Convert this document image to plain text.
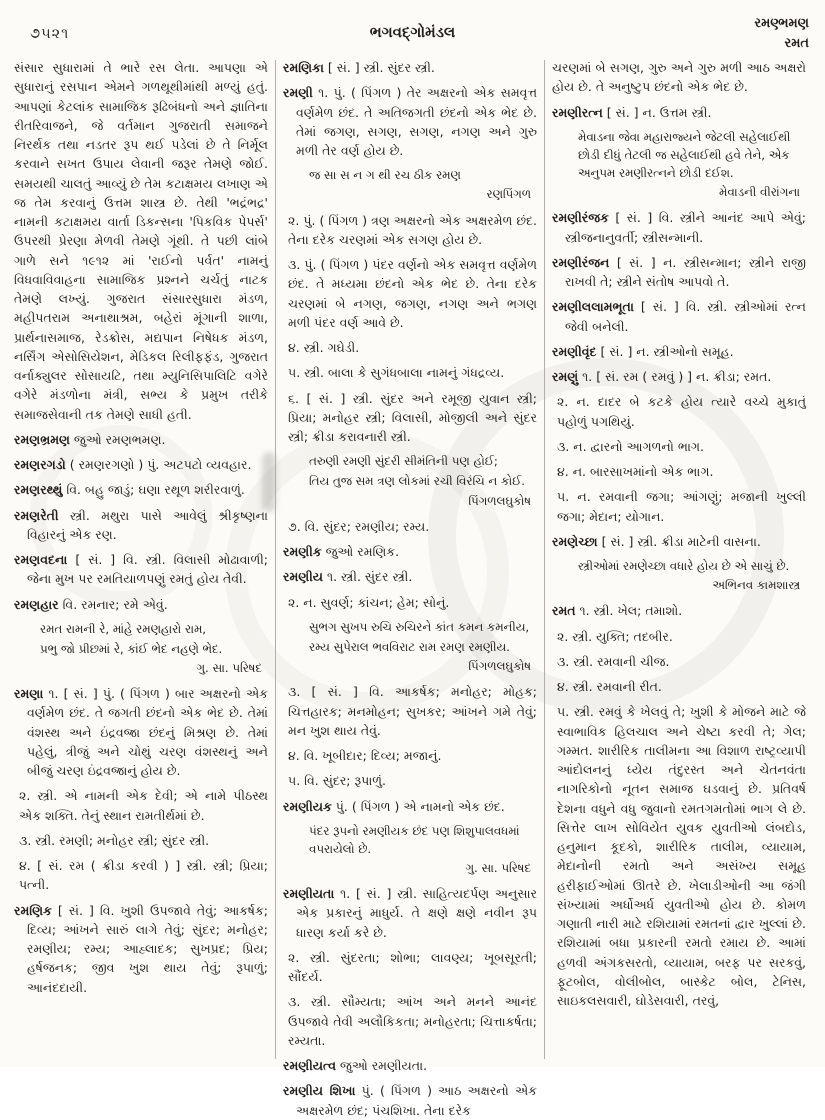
૭૫૨૧	ભગવદ્ગોમંડલ	રમણ્ભમણ
રમત

સંસાર સુધારામાં તે ભારે રસ લેતા. આપણા એ સુધારાનું રસપાન એમને ગળથૂથીમાંથી મળ્યું હતું. આપણાં કેટલાંક સામાજિક રૂઢિબંધનો અને જ્ઞાતિના રીતરિવાજને, જે વર્તમાન ગુજરાતી સમાજને નિરર્થક તથા નડતર રૂપ થઈ પડેલાં છે તે નિર્મૂલ કરવાને સખત ઉપાય લેવાની જરૂર તેમણે જોઈ. સમયથી ચાલતું આવ્યું છે તેમ કટાક્ષમય લખાણ એ જ તેમ કરવાનું ઉત્તમ શાસ્ત્ર છે. તેથી 'ભદ્રંભદ્ર' નામની કટાક્ષમય વાર્તા ડિકન્સના 'પિકવિક પેપર્સ' ઉપરથી પ્રેરણા મેળવી તેમણે ગૂંથી. તે પછી લાંબે ગાળે સને ૧૯૧૨ માં 'રાઈનો પર્વત' નામનું વિધવાવિવાહના સામાજિક પ્રશ્નને ચર્ચતું નાટક તેમણે લખ્યું. ગુજરાત સંસારસુધારા મંડળ, મહીપતરામ અનાથાશ્રમ, બહેરાં મૂંગાની શાળા, પ્રાર્થનાસમાજ, રેડક્રોસ, મદ્યપાન નિષેધક મંડળ, નર્સિંગ એસોસિયેશન, મેડિકલ રિલીફફંડ, ગુજરાત વર્નાક્યુલર સોસાયટિ, તથા મ્યુનિસિપાલિટિ વગેરે વગેરે મંડળોના મંત્રી, સભ્ય કે પ્રમુખ તરીકે સમાજસેવાની તક તેમણે સાધી હતી.

રમણભ્રમણ જુઓ રમણભમણ.

રમણરગડો ( રમણરગણો ) પું. અટપટો વ્યવહાર.

રમણરથ્થું વિ. બહુ જાડું; ઘણા રથૂળ શરીરવાળું.

રમણરેતી સ્ત્રી. મથુરા પાસે આવેલું શ્રીકૃષ્ણના વિહારનું એક રણ.

રમણવદના [ સં. ] વિ. સ્ત્રી. વિલાસી મોઢાવાળી; જેના મુખ પર રમતિયાળપણું રમતું હોય તેવી.

રમણહાર વિ. રમનાર; રમે એવું.

રમત રામની રે, માંહે રમણહારો રામ,

પ્રભુ જો પ્રીછમાં રે, કાંઈ ભેદ નહણે ભેદ.

ગુ. સા. પરિષદ

રમણા ૧. [ સં. ] પું. ( પિંગળ ) બાર અક્ષરનો એક વર્ણમેળ છંદ. તે જગતી છંદનો એક ભેદ છે. તેમાં વંશસ્થ અને ઇંદ્રવજ્રા છંદનું મિશ્રણ છે. તેમાં પહેલું, ત્રીજું અને ચોથું ચરણ વંશસ્થનું અને બીજું ચરણ ઇંદ્રવજ્રાનું હોય છે.

૨. સ્ત્રી. એ નામની એક દેવી; એ નામે પીઠસ્થ એક શક્તિ. તેનું સ્થાન રામતીર્થમાં છે.

૩. સ્ત્રી. રમણી; મનોહર સ્ત્રી; સુંદર સ્ત્રી.

૪. [ સં. રમ ( ક્રીડા કરવી ) ] સ્ત્રી. સ્ત્રી; પ્રિયા; પત્ની.

રમણિક [ સં. ] વિ. ખુશી ઉપજાવે તેવું; આકર્ષક; દિવ્ય; આંખને સારું લાગે તેવું; સુંદર; મનોહર; રમણીય; રમ્ય; આહ્લાદક; સુખપ્રદ; પ્રિય; હર્ષજનક; જીવ ખુશ થાય તેવું; રૂપાળું; આનંદદાયી.

રમણિકા [ સં. ] સ્ત્રી. સુંદર સ્ત્રી.

રમણી ૧. પું. ( પિંગળ ) તેર અક્ષરનો એક સમવૃત્ત વર્ણમેળ છંદ. તે અતિજગતી છંદનો એક ભેદ છે. તેમાં જગણ, સગણ, સગણ, નગણ અને ગુરુ મળી તેર વર્ણ હોય છે.

જ સા સ ન ગ થી રચ ઠીક રમણ

રણપિંગળ

૨. પું. ( પિંગળ ) ત્રણ અક્ષરનો એક અક્ષરમેળ છંદ. તેના દરેક ચરણમાં એક સગણ હોય છે.

૩. પું. ( પિંગળ ) પંદર વર્ણનો એક સમવૃત્ત વર્ણમેળ છંદ. તે મધ્યમા છંદનો એક ભેદ છે. તેના દરેક ચરણમાં બે નગણ, જગણ, નગણ અને ભગણ મળી પંદર વર્ણ આવે છે.

૪. સ્ત્રી. ગઘેડી.

૫. સ્ત્રી. બાલા કે સુગંધબાલા નામનું ગંધદ્રવ્ય.

૬. [ સં. ] સ્ત્રી. સુંદર અને રમૂજી યુવાન સ્ત્રી; પ્રિયા; મનોહર સ્ત્રી; વિલાસી, મોજીલી અને સુંદર સ્ત્રી; ક્રીડા કરાવનારી સ્ત્રી.

તરુણી રમણી સુંદરી સીમંતિની પણ હોઈ;

તિય તુજ સમ ત્રણ લોકમાં રચી વિરંચિ ન કોઈ.

પિંગળલઘુકોષ

૭. વિ. સુંદર; રમણીય; રમ્ય.

રમણીક જુઓ રમણિક.

રમણીય ૧. સ્ત્રી. સુંદર સ્ત્રી.

૨. ન. સુવર્ણ; કાંચન; હેમ; સોનું.

સુભગ સુખપ રુચિ રુચિરને કાંત કમન કમનીય,

રમ્ય સુપેરાલ ભવવિરાટ રામ રમણ રમણીય.

પિંગળલઘુકોષ

૩. [ સં. ] વિ. આકર્ષક; મનોહર; મોહક; ચિત્તહારક; મનમોહન; સુખકર; આંખને ગમે તેવું; મન ખુશ થાય તેવું.

૪. વિ. ખૂબીદાર; દિવ્ય; મજાનું.

૫. વિ. સુંદર; રૂપાળું.

રમણીયક પું. ( પિંગળ ) એ નામનો એક છંદ.

પંદર રૂપનો રમણીયક છંદ પણ શિશુપાલવધમાં વપરાયેલો છે.

ગુ. સા. પરિષદ

રમણીયતા ૧. [ સં. ] સ્ત્રી. સાહિત્યદર્પણ અનુસાર એક પ્રકારનું માધુર્ય. તે ક્ષણે ક્ષણે નવીન રૂપ ધારણ કર્યા કરે છે.

૨. સ્ત્રી. સુંદરતા; શોભા; લાવણ્ય; ખૂબસૂરતી; સૌંદર્ય.

૩. સ્ત્રી. સૌમ્યતા; આંખ અને મનને આનંદ ઉપજાવે તેવી અલૌકિકતા; મનોહરતા; ચિત્તાકર્ષતા; રમ્યતા.

રમણીયત્વ જુઓ રમણીયતા.

રમણીય શિખા પું. ( પિંગળ ) આઠ અક્ષરનો એક અક્ષરમેળ છંદ; પંચશિખા. તેના દરેક

ચરણમાં બે સગણ, ગુરુ અને ગુરુ મળી આઠ અક્ષરો હોય છે. તે અનુષ્ટુપ છંદનો એક ભેદ છે.

રમણીરત્ન [ સં. ] ન. ઉત્તમ સ્ત્રી.

મેવાડના જેવા મહારાજ્યને જેટલી સહેલાઈથી છોડી દીધું તેટલી જ સહેલાઈથી હવે તેને, એક અનુપમ રમણીરત્નને છોડી દઈશ.

મેવાડની વીરાંગના

રમણીરંજક [ સં. ] વિ. સ્ત્રીને આનંદ આપે એવું; સ્ત્રીજનાનુવર્તી; સ્ત્રીસન્માની.

રમણીરંજન [ સં. ] ન. સ્ત્રીસન્માન; સ્ત્રીને રાજી રાખવી તે; સ્ત્રીને સંતોષ આપવો તે.

રમણીલલામભૂતા [ સં. ] વિ. સ્ત્રી. સ્ત્રીઓમાં રત્ન જેવી બનેલી.

રમણીવૃંદ [ સં. ] ન. સ્ત્રીઓનો સમૂહ.

રમણું ૧. [ સં. રમ ( રમવું ) ] ન. ક્રીડા; રમત.

૨. ન. દાદર બે કટકે હોય ત્યારે વચ્ચે મુકાતું પહોળું પગથિયું.

૩. ન. દ્વારનો આગળનો ભાગ.

૪. ન. બારસાખમાંનો એક ભાગ.

૫. ન. રમવાની જગા; આંગણું; મજાની ખુલ્લી જગા; મેદાન; યોગાન.

રમણેચ્છા [ સં. ] સ્ત્રી. ક્રીડા માટેની વાસના.

સ્ત્રીઓમાં રમણેચ્છા વધારે હોય છે એ સાચું છે.

અભિનવ કામશાસ્ત્ર

રમત ૧. સ્ત્રી. ખેલ; તમાશો.

૨. સ્ત્રી. યુક્તિ; તદબીર.

૩. સ્ત્રી. રમવાની ચીજ.

૪. સ્ત્રી. રમવાની રીત.

૫. સ્ત્રી. રમવું કે ખેલવું તે; ખુશી કે મોજને માટે જે સ્વાભાવિક હિલચાલ અને ચેષ્ટા કરવી તે; ગેલ; ગમ્મત. શારીરિક તાલીમના આ વિશાળ રાષ્ટ્રવ્યાપી આંદોલનનું ધ્યેય તંદુરસ્ત અને ચેતનવંતા નાગરિકોનો નૂતન સમાજ ઘડવાનું છે. પ્રતિવર્ષ દેશના વધુને વધુ જુવાનો રમતગમતોમાં ભાગ લે છે. સિત્તેર લાખ સોવિયેત યુવક યુવતીઓ લંબદોડ, હનુમાન કૂદકો, શારીરિક તાલીમ, વ્યાયામ, મેદાનોની રમતો અને અસંખ્ય સમૂહ હરીફાઈઓમાં ઊતરે છે. ખેલાડીઓની આ જંગી સંખ્યામાં અર્ધોઅર્ધ યુવતીઓ હોય છે. કોમળ ગણાતી નારી માટે રશિયામાં રમતનાં દ્વાર ખુલ્લાં છે. રશિયામાં બધા પ્રકારની રમતો રમાય છે. આમાં હળવી અંગકસરતો, વ્યાયામ, બરફ પર સરકવું, ફૂટબોલ, વોલીબોલ, બાસ્કેટ બોલ, ટેનિસ, સાઇકલસવારી, ઘોડેસવારી, તરવું,
